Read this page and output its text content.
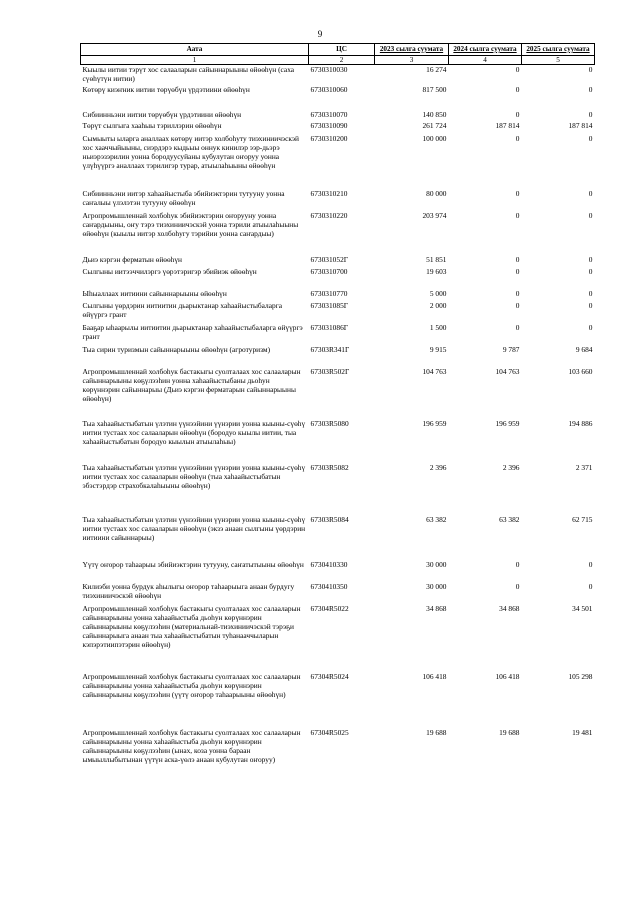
9
Аата	ЦС	2023 сылга суумата	2024 сылга суумата	2025 сылга суумата
1	2	3	4	5
Кыылы иитии тэрүт хос салааларын сайыннарыыны өйөөһүн (саха сүөһүтүн иитии)	6730310030	16 274	0	0
Көтөрү киэҥник иитии төрүөбүн үрдэтиини өйөөһүн	6730310060	817 500	0	0
Сибиинньэни иитии төрүөбүн үрдэтиини өйөөһүн	6730310070	140 850	0	0
Төрүт сылгыга хааһыы тэриллэрин өйөөһүн	6730310090	261 724	187 814	187 814
Сымыыты ыларга аналлаах көтөрү иитэр холбоһуту тиэхиниичэскэй хос хааччыйыыны, сиэрдэрэ кыдьыы оннук кинилэр ээр-дьэрэ ньиэрэзэрилин уонна бородуусуйаны кубулутан оҥоруу уонна үлүһүүргэ аналлаах тэрилигэр турар, атыылаһыыны өйөөһүн	6730310200	100 000	0	0
Сибиинньэни иитэр хаһаайыстыба эбийиэктэрин тутууну уонна саҥалыы үлэлэтэн тутууну өйөөһүн	6730310210	80 000	0	0
Агропромышленнай холбоһук эбийиэктэрин оҥорууну уонна саҥардыыны, оҥу тэрэ тиэхиниичэскэй уонна тэрили атыылаһыыны өйөөһүн (кыылы иитэр холбоһугу тэрийии уонна саҥардыы)	6730310220	203 974	0	0
Дьиэ кэргэн ферматын өйөөһүн	673031052Г	51 851	0	0
Сылгыны иитээччилэргэ үөрэтэригэр эбийиэк өйөөһүн	6730310700	19 603	0	0
Ыһыаллаах иитиини сайыннарыыны өйөөһүн	6730310770	5 000	0	0
Сылгыны үөрдэрин иитиитин дьарыктанар хаһаайыстыбаларга өйүүргэ грант	673031085Г	2 000	0	0
Бааҕар ыһаарылы иитиитин дьарыктанар хаһаайыстыбаларга өйүүргэ грант	673031086Г	1 500	0	0
Тыа сирин туризмын сайыннарыыны өйөөһүн (агротуризм)	67303R341Г	9 915	9 787	9 684
Агропромышленнай холбоһук бастакыгы суолталаах хос салааларын сайыннарыыны көҕүлээһин уонна хаһаайыстыбаны дьоһун көрүннэрин сайыннарыы (Дьиэ кэргэн ферматарын сайыннарыыны өйөөһүн)	67303R502Г	104 763	104 763	103 660
Тыа хаһаайыстыбатын үлэтин үүнээйини үүнэрии уонна кыыны-сүөһү иитии тустаах хос салааларын өйөөһүн (бородуо кыылы иитии, тыа хаһаайыстыбатын бородуо кыылын атыылаһыы)	67303R5080	196 959	196 959	194 886
Тыа хаһаайыстыбатын үлэтин үүнээйини үүнэрии уонна кыыны-сүөһү иитии тустаах хос салааларын өйөөһүн (тыа хаһаайыстыбатын эбэстэрдэр страхобкалаһыыны өйөөһүн)	67303R5082	2 396	2 396	2 371
Тыа хаһаайыстыбатын үлэтин үүнээйини үүнэрии уонна кыыны-сүөһү иитии тустаах хос салааларын өйөөһүн (экзэ анаан сылгыны үөрдэрин иитиини сайыннарыы)	67303R5084	63 382	63 382	62 715
Үүтү оҥорор таһаарыы эбийиэктэрин тутууну, саҥатытыыны өйөөһүн	6730410330	30 000	0	0
Килиэби уонна бурдук аһылыгы оҥорор таһаарыыга анаан бурдугу тиэхиниичэскэй өйөөһүн	6730410350	30 000	0	0
Агропромышленнай холбоһук бастакыгы суолталаах хос салааларын сайыннарыыны уонна хаһаайыстыба дьоһун көрүннэрин сайыннарыыны көҕүлээһин (материальнай-тиэхиниичэскэй тэрэҕи сайыннарыыга анаан тыа хаһаайыстыбатын туһанааччыларын кэпэрэтиипэтэрин өйөөһүн)	67304R5022	34 868	34 868	34 501
Агропромышленнай холбоһук бастакыгы суолталаах хос салааларын сайыннарыыны уонна хаһаайыстыба дьоһун көрүннэрин сайыннарыыны көҕүлээһин (үүтү оҥорор таһаарыыны өйөөһүн)	67304R5024	106 418	106 418	105 298
Агропромышленнай холбоһук бастакыгы суолталаах хос салааларын сайыннарыыны уонна хаһаайыстыба дьоһун көрүннэрин сайыннарыыны көҕүлээһин (ынах, коза уонна бараан ымыыллыбытынан үүтүн аска-үөлэ анаан кубулутан оҥоруу)	67304R5025	19 688	19 688	19 481
